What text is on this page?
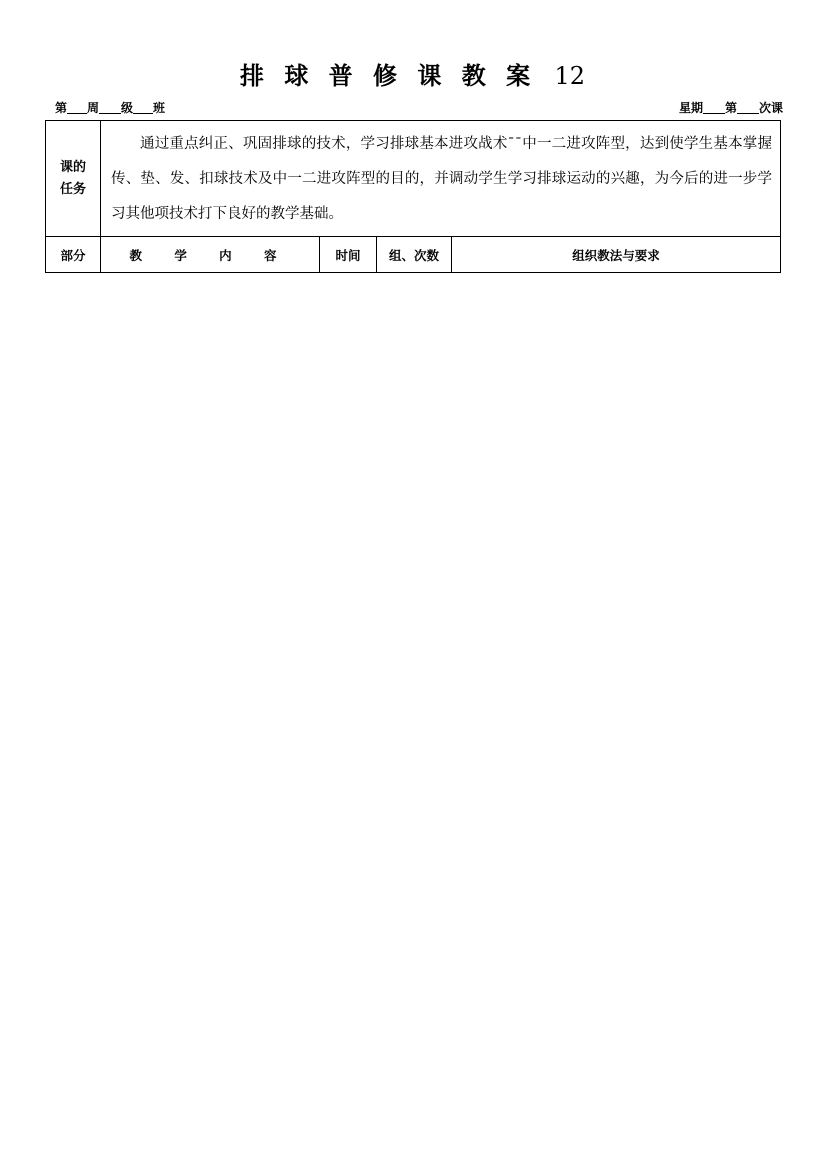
排 球 普 修 课 教 案 12
第 周 级 班	星期 第 次课
课的
任务	通过重点纠正、巩固排球的技术，学习排球基本进攻战术¯¯中一二进攻阵型，达到使学生基本掌握传、垫、发、扣球技术及中一二进攻阵型的目的，并调动学生学习排球运动的兴趣，为今后的进一步学习其他项技术打下良好的教学基础。			

部分	教 学 内 容	时间	组、次数	组织教法与要求
